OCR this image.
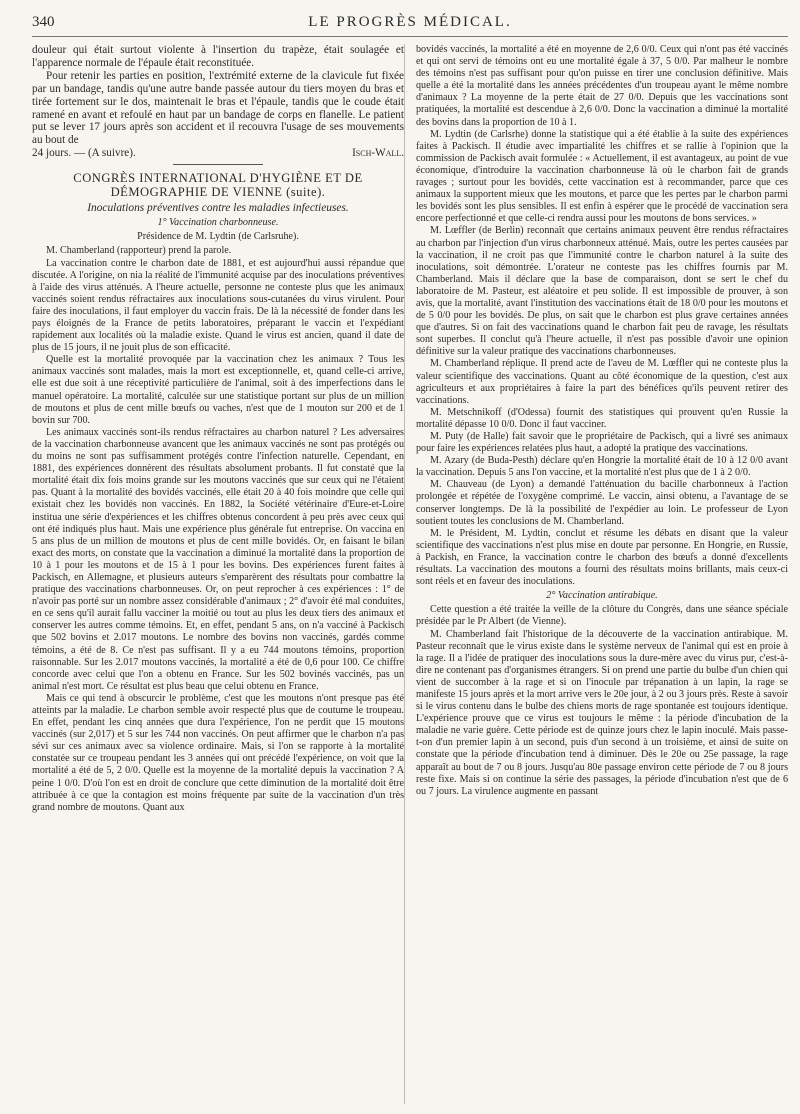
340	LE PROGRÈS MÉDICAL.

douleur qui était surtout violente à l'insertion du trapèze, était soulagée et l'apparence normale de l'épaule était reconstituée.

Pour retenir les parties en position, l'extrémité externe de la clavicule fut fixée par un bandage, tandis qu'une autre bande passée autour du tiers moyen du bras et tirée fortement sur le dos, maintenait le bras et l'épaule, tandis que le coude était ramené en avant et refoulé en haut par un bandage de corps en flanelle. Le patient put se lever 17 jours après son accident et il recouvra l'usage de ses mouvements au bout de

24 jours. — (A suivre).	Isch-Wall.
CONGRÈS INTERNATIONAL D'HYGIÈNE ET DE DÉMOGRAPHIE DE VIENNE (suite).
Inoculations préventives contre les maladies infectieuses.

1° Vaccination charbonneuse.

Présidence de M. Lydtin (de Carlsruhe).

M. Chamberland (rapporteur) prend la parole.

La vaccination contre le charbon date de 1881, et est aujourd'hui aussi répandue que discutée. A l'origine, on nia la réalité de l'immunité acquise par des inoculations préventives à l'aide des virus atténués. A l'heure actuelle, personne ne conteste plus que les animaux vaccinés soient rendus réfractaires aux inoculations sous-cutanées du virus virulent. Pour faire des inoculations, il faut employer du vaccin frais. De là la nécessité de fonder dans les pays éloignés de la France de petits laboratoires, préparant le vaccin et l'expédiant rapidement aux localités où la maladie existe. Quand le virus est ancien, quand il date de plus de 15 jours, il ne jouit plus de son efficacité.

Quelle est la mortalité provoquée par la vaccination chez les animaux ? Tous les animaux vaccinés sont malades, mais la mort est exceptionnelle, et, quand celle-ci arrive, elle est due soit à une réceptivité particulière de l'animal, soit à des imperfections dans le manuel opératoire. La mortalité, calculée sur une statistique portant sur plus de un million de moutons et plus de cent mille bœufs ou vaches, n'est que de 1 mouton sur 200 et de 1 bovin sur 700.

Les animaux vaccinés sont-ils rendus réfractaires au charbon naturel ? Les adversaires de la vaccination charbonneuse avancent que les animaux vaccinés ne sont pas protégés ou du moins ne sont pas suffisamment protégés contre l'infection naturelle. Cependant, en 1881, des expériences donnèrent des résultats absolument probants. Il fut constaté que la mortalité était dix fois moins grande sur les moutons vaccinés que sur ceux qui ne l'étaient pas. Quant à la mortalité des bovidés vaccinés, elle était 20 à 40 fois moindre que celle qui existait chez les bovidés non vaccinés. En 1882, la Société vétérinaire d'Eure-et-Loire institua une série d'expériences et les chiffres obtenus concordent à peu près avec ceux qui ont été indiqués plus haut. Mais une expérience plus générale fut entreprise. On vaccina en 5 ans plus de un million de moutons et plus de cent mille bovidés. Or, en faisant le bilan exact des morts, on constate que la vaccination a diminué la mortalité dans la proportion de 10 à 1 pour les moutons et de 15 à 1 pour les bovins. Des expériences furent faites à Packisch, en Allemagne, et plusieurs auteurs s'emparèrent des résultats pour combattre la pratique des vaccinations charbonneuses. Or, on peut reprocher à ces expériences : 1° de n'avoir pas porté sur un nombre assez considérable d'animaux ; 2° d'avoir été mal conduites, en ce sens qu'il aurait fallu vacciner la moitié ou tout au plus les deux tiers des animaux et conserver les autres comme témoins. Et, en effet, pendant 5 ans, on n'a vacciné à Packisch que 502 bovins et 2.017 moutons. Le nombre des bovins non vaccinés, gardés comme témoins, a été de 8. Ce n'est pas suffisant. Il y a eu 744 moutons témoins, proportion raisonnable. Sur les 2.017 moutons vaccinés, la mortalité a été de 0,6 pour 100. Ce chiffre concorde avec celui que l'on a obtenu en France. Sur les 502 bovinés vaccinés, pas un animal n'est mort. Ce résultat est plus beau que celui obtenu en France.

Mais ce qui tend à obscurcir le problème, c'est que les moutons n'ont presque pas été atteints par la maladie. Le charbon semble avoir respecté plus que de coutume le troupeau. En effet, pendant les cinq années que dura l'expérience, l'on ne perdit que 15 moutons vaccinés (sur 2,017) et 5 sur les 744 non vaccinés. On peut affirmer que le charbon n'a pas sévi sur ces animaux avec sa violence ordinaire. Mais, si l'on se rapporte à la mortalité constatée sur ce troupeau pendant les 3 années qui ont précédé l'expérience, on voit que la mortalité a été de 5, 2 0/0. Quelle est la moyenne de la mortalité depuis la vaccination ? A peine 1 0/0. D'où l'on est en droit de conclure que cette diminution de la mortalité doit être attribuée à ce que la contagion est moins fréquente par suite de la vaccination d'un très grand nombre de moutons. Quant aux

bovidés vaccinés, la mortalité a été en moyenne de 2,6 0/0. Ceux qui n'ont pas été vaccinés et qui ont servi de témoins ont eu une mortalité égale à 37, 5 0/0. Par malheur le nombre des témoins n'est pas suffisant pour qu'on puisse en tirer une conclusion définitive. Mais quelle a été la mortalité dans les années précédentes d'un troupeau ayant le même nombre d'animaux ? La moyenne de la perte était de 27 0/0. Depuis que les vaccinations sont pratiquées, la mortalité est descendue à 2,6 0/0. Donc la vaccination a diminué la mortalité des bovins dans la proportion de 10 à 1.

M. Lydtin (de Carlsrhe) donne la statistique qui a été établie à la suite des expériences faites à Packisch. Il étudie avec impartialité les chiffres et se rallie à l'opinion que la commission de Packisch avait formulée : « Actuellement, il est avantageux, au point de vue économique, d'introduire la vaccination charbonneuse là où le charbon fait de grands ravages ; surtout pour les bovidés, cette vaccination est à recommander, parce que ces animaux la supportent mieux que les moutons, et parce que les pertes par le charbon parmi les bovidés sont les plus sensibles. Il est enfin à espérer que le procédé de vaccination sera encore perfectionné et que celle-ci rendra aussi pour les moutons de bons services. »

M. Lœffler (de Berlin) reconnaît que certains animaux peuvent être rendus réfractaires au charbon par l'injection d'un virus charbonneux atténué. Mais, outre les pertes causées par la vaccination, il ne croit pas que l'immunité contre le charbon naturel à la suite des inoculations, soit démontrée. L'orateur ne conteste pas les chiffres fournis par M. Chamberland. Mais il déclare que la base de comparaison, dont se sert le chef du laboratoire de M. Pasteur, est aléatoire et peu solide. Il est impossible de prouver, à son avis, que la mortalité, avant l'institution des vaccinations était de 18 0/0 pour les moutons et de 5 0/0 pour les bovidés. De plus, on sait que le charbon est plus grave certaines années que d'autres. Si on fait des vaccinations quand le charbon fait peu de ravage, les résultats sont superbes. Il conclut qu'à l'heure actuelle, il n'est pas possible d'avoir une opinion définitive sur la valeur pratique des vaccinations charbonneuses.

M. Chamberland réplique. Il prend acte de l'aveu de M. Lœffler qui ne conteste plus la valeur scientifique des vaccinations. Quant au côté économique de la question, c'est aux agriculteurs et aux propriétaires à faire la part des bénéfices qu'ils peuvent retirer des vaccinations.

M. Metschnikoff (d'Odessa) fournit des statistiques qui prouvent qu'en Russie la mortalité dépasse 10 0/0. Donc il faut vacciner.

M. Puty (de Halle) fait savoir que le propriétaire de Packisch, qui a livré ses animaux pour faire les expériences relatées plus haut, a adopté la pratique des vaccinations.

M. Azary (de Buda-Pesth) déclare qu'en Hongrie la mortalité était de 10 à 12 0/0 avant la vaccination. Depuis 5 ans l'on vaccine, et la mortalité n'est plus que de 1 à 2 0/0.

M. Chauveau (de Lyon) a demandé l'atténuation du bacille charbonneux à l'action prolongée et répétée de l'oxygène comprimé. Le vaccin, ainsi obtenu, a l'avantage de se conserver longtemps. De là la possibilité de l'expédier au loin. Le professeur de Lyon soutient toutes les conclusions de M. Chamberland.

M. le Président, M. Lydtin, conclut et résume les débats en disant que la valeur scientifique des vaccinations n'est plus mise en doute par personne. En Hongrie, en Russie, à Packish, en France, la vaccination contre le charbon des bœufs a donné d'excellents résultats. La vaccination des moutons a fourni des résultats moins brillants, mais ceux-ci sont réels et en faveur des inoculations.

2° Vaccination antirabique.

Cette question a été traitée la veille de la clôture du Congrès, dans une séance spéciale présidée par le Pr Albert (de Vienne).

M. Chamberland fait l'historique de la découverte de la vaccination antirabique. M. Pasteur reconnaît que le virus existe dans le système nerveux de l'animal qui est en proie à la rage. Il a l'idée de pratiquer des inoculations sous la dure-mère avec du virus pur, c'est-à-dire ne contenant pas d'organismes étrangers. Si on prend une partie du bulbe d'un chien qui vient de succomber à la rage et si on l'inocule par trépanation à un lapin, la rage se manifeste 15 jours après et la mort arrive vers le 20e jour, à 2 ou 3 jours près. Reste à savoir si le virus contenu dans le bulbe des chiens morts de rage spontanée est toujours identique. L'expérience prouve que ce virus est toujours le même : la période d'incubation de la maladie ne varie guère. Cette période est de quinze jours chez le lapin inoculé. Mais passe-t-on d'un premier lapin à un second, puis d'un second à un troisième, et ainsi de suite on constate que la période d'incubation tend à diminuer. Dès le 20e ou 25e passage, la rage apparaît au bout de 7 ou 8 jours. Jusqu'au 80e passage environ cette période de 7 ou 8 jours reste fixe. Mais si on continue la série des passages, la période d'incubation n'est que de 6 ou 7 jours. La virulence augmente en passant
